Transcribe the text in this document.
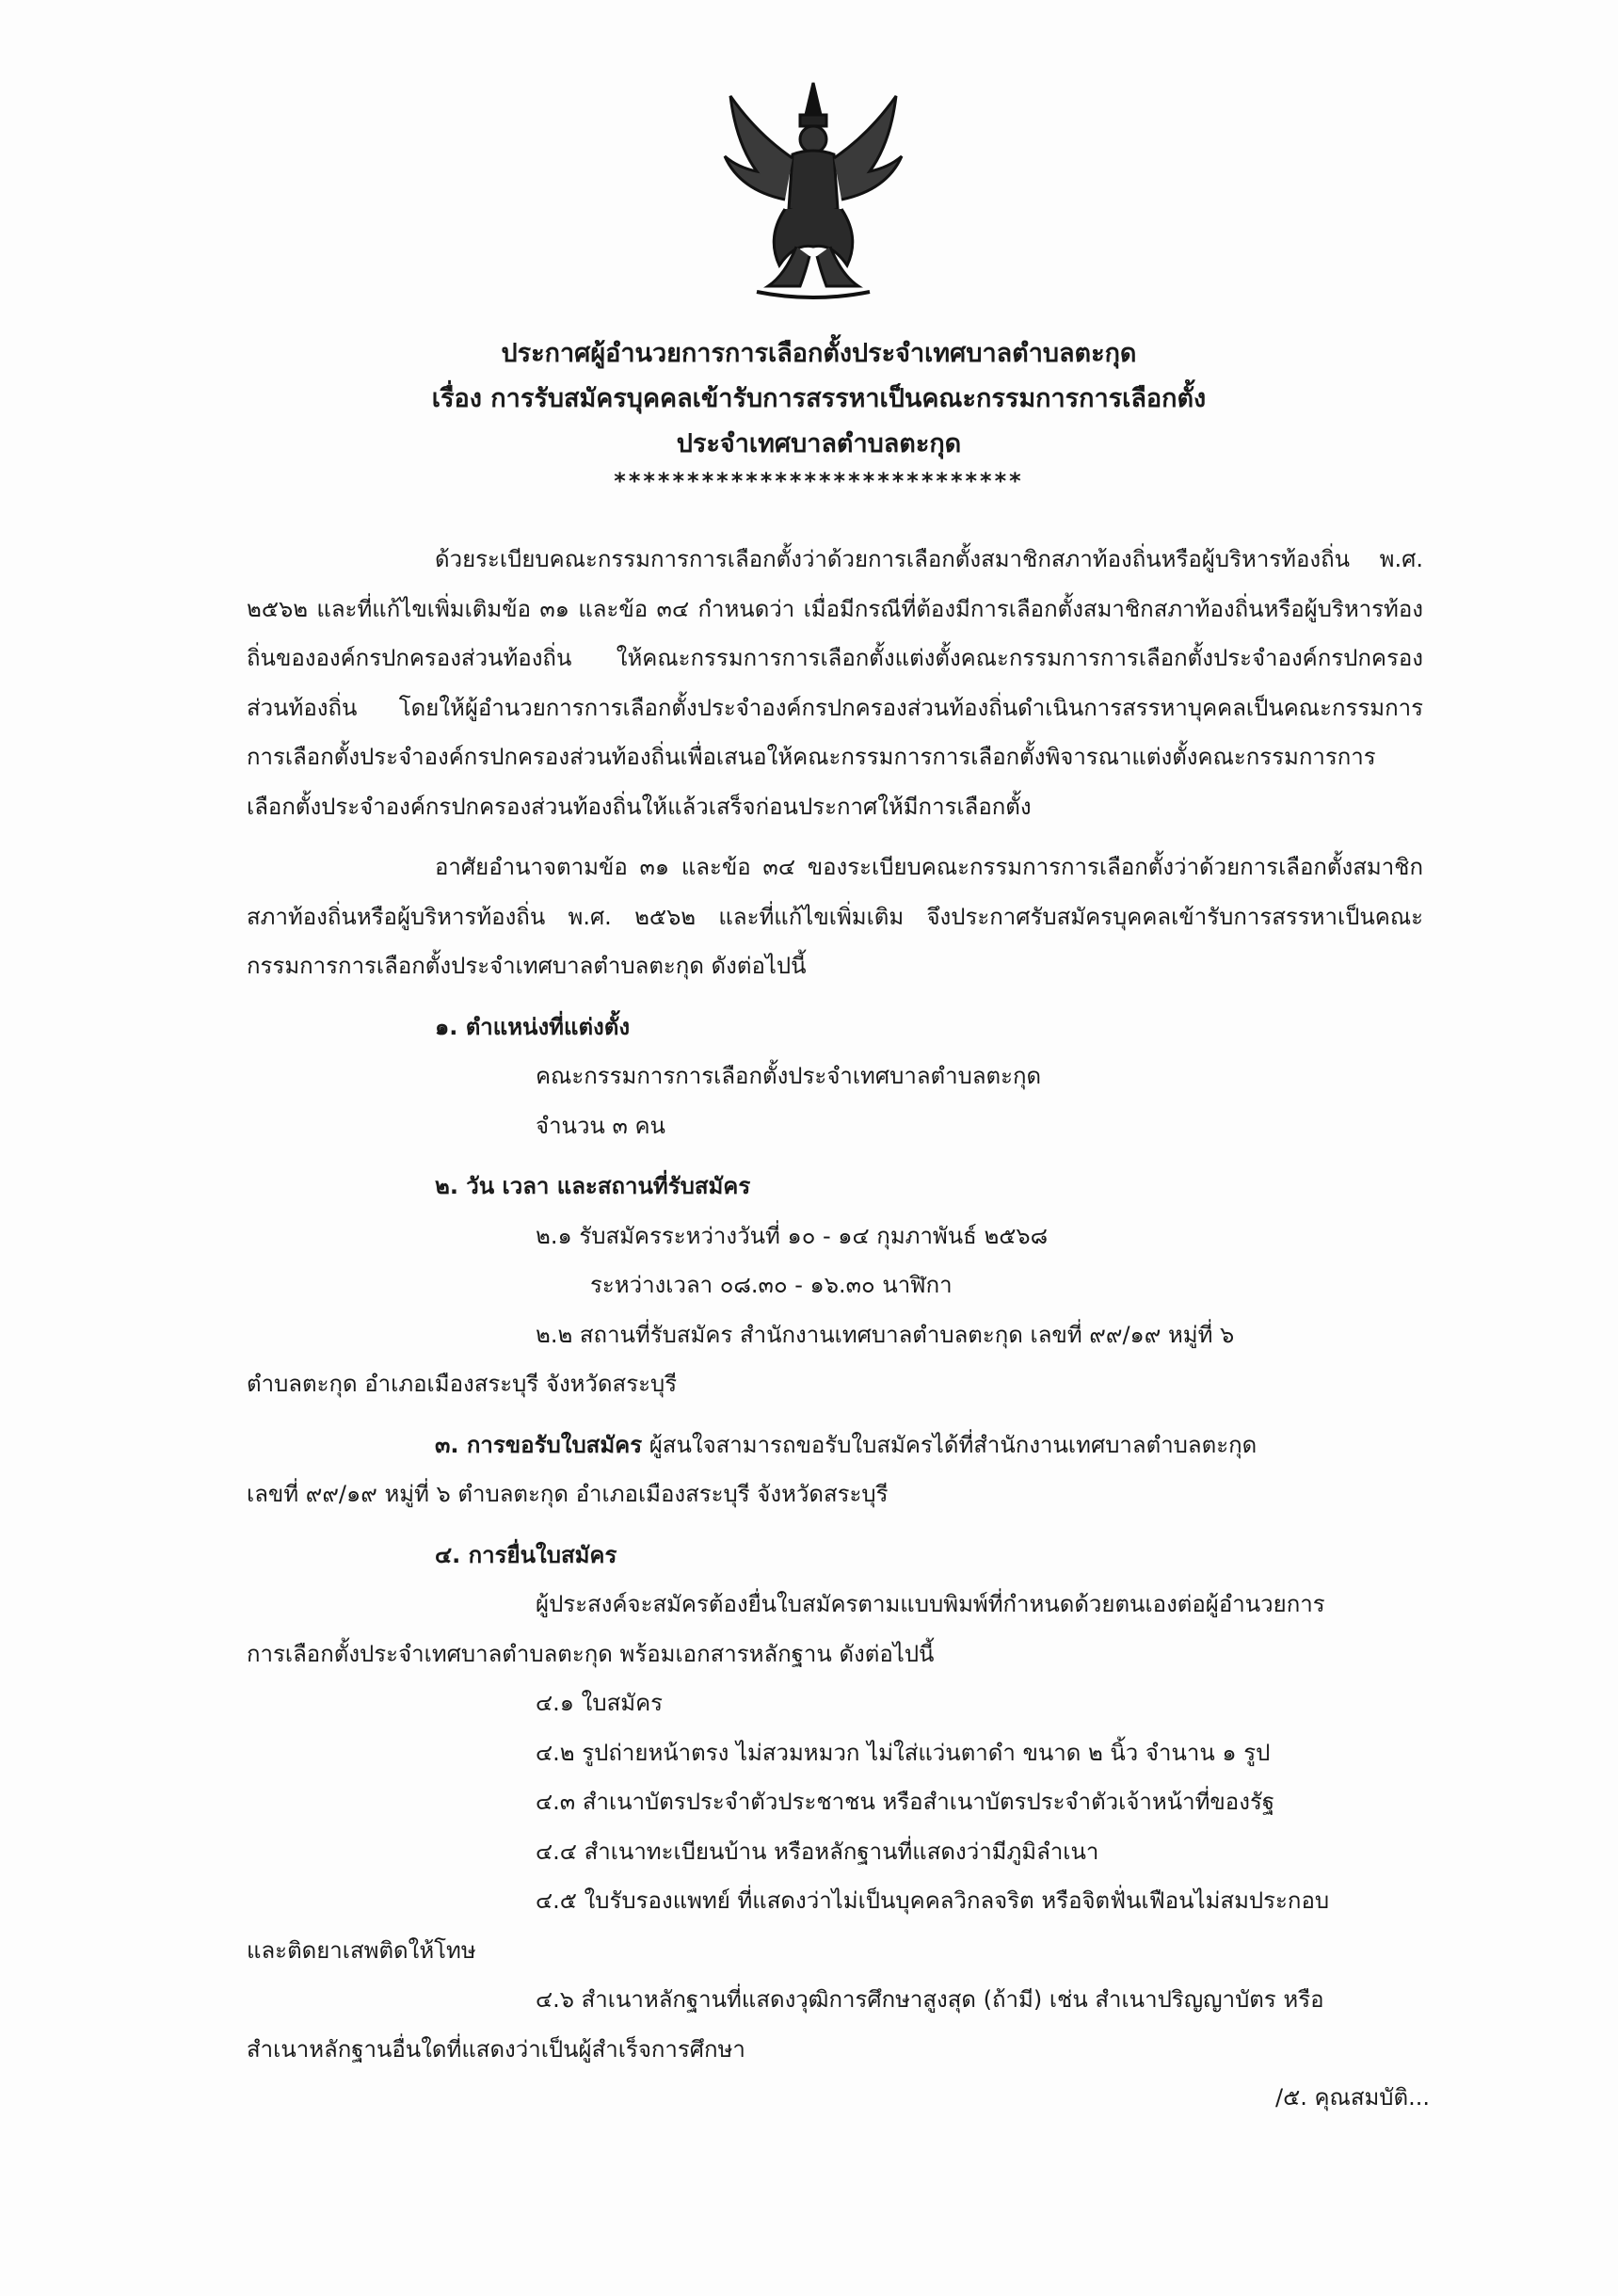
ประกาศผู้อำนวยการการเลือกตั้งประจำเทศบาลตำบลตะกุด
เรื่อง การรับสมัครบุคคลเข้ารับการสรรหาเป็นคณะกรรมการการเลือกตั้ง
ประจำเทศบาลตำบลตะกุด
****************************

ด้วยระเบียบคณะกรรมการการเลือกตั้งว่าด้วยการเลือกตั้งสมาชิกสภาท้องถิ่นหรือผู้บริหารท้องถิ่น พ.ศ. ๒๕๖๒ และที่แก้ไขเพิ่มเติมข้อ ๓๑ และข้อ ๓๔ กำหนดว่า เมื่อมีกรณีที่ต้องมีการเลือกตั้งสมาชิกสภาท้องถิ่นหรือผู้บริหารท้องถิ่นขององค์กรปกครองส่วนท้องถิ่น ให้คณะกรรมการการเลือกตั้งแต่งตั้งคณะกรรมการการเลือกตั้งประจำองค์กรปกครองส่วนท้องถิ่น โดยให้ผู้อำนวยการการเลือกตั้งประจำองค์กรปกครองส่วนท้องถิ่นดำเนินการสรรหาบุคคลเป็นคณะกรรมการการเลือกตั้งประจำองค์กรปกครองส่วนท้องถิ่นเพื่อเสนอให้คณะกรรมการการเลือกตั้งพิจารณาแต่งตั้งคณะกรรมการการเลือกตั้งประจำองค์กรปกครองส่วนท้องถิ่นให้แล้วเสร็จก่อนประกาศให้มีการเลือกตั้ง

อาศัยอำนาจตามข้อ ๓๑ และข้อ ๓๔ ของระเบียบคณะกรรมการการเลือกตั้งว่าด้วยการเลือกตั้งสมาชิกสภาท้องถิ่นหรือผู้บริหารท้องถิ่น พ.ศ. ๒๕๖๒ และที่แก้ไขเพิ่มเติม จึงประกาศรับสมัครบุคคลเข้ารับการสรรหาเป็นคณะกรรมการการเลือกตั้งประจำเทศบาลตำบลตะกุด ดังต่อไปนี้

๑. ตำแหน่งที่แต่งตั้ง
คณะกรรมการการเลือกตั้งประจำเทศบาลตำบลตะกุด
จำนวน ๓ คน
๒. วัน เวลา และสถานที่รับสมัคร
๒.๑ รับสมัครระหว่างวันที่ ๑๐ - ๑๔ กุมภาพันธ์ ๒๕๖๘
ระหว่างเวลา ๐๘.๓๐ - ๑๖.๓๐ นาฬิกา
๒.๒ สถานที่รับสมัคร สำนักงานเทศบาลตำบลตะกุด เลขที่ ๙๙/๑๙ หมู่ที่ ๖
ตำบลตะกุด อำเภอเมืองสระบุรี จังหวัดสระบุรี
๓. การขอรับใบสมัคร ผู้สนใจสามารถขอรับใบสมัครได้ที่สำนักงานเทศบาลตำบลตะกุด
เลขที่ ๙๙/๑๙ หมู่ที่ ๖ ตำบลตะกุด อำเภอเมืองสระบุรี จังหวัดสระบุรี
๔. การยื่นใบสมัคร
ผู้ประสงค์จะสมัครต้องยื่นใบสมัครตามแบบพิมพ์ที่กำหนดด้วยตนเองต่อผู้อำนวยการ
การเลือกตั้งประจำเทศบาลตำบลตะกุด พร้อมเอกสารหลักฐาน ดังต่อไปนี้
๔.๑ ใบสมัคร
๔.๒ รูปถ่ายหน้าตรง ไม่สวมหมวก ไม่ใส่แว่นตาดำ ขนาด ๒ นิ้ว จำนาน ๑ รูป
๔.๓ สำเนาบัตรประจำตัวประชาชน หรือสำเนาบัตรประจำตัวเจ้าหน้าที่ของรัฐ
๔.๔ สำเนาทะเบียนบ้าน หรือหลักฐานที่แสดงว่ามีภูมิลำเนา
๔.๕ ใบรับรองแพทย์ ที่แสดงว่าไม่เป็นบุคคลวิกลจริต หรือจิตฟั่นเฟือนไม่สมประกอบ
และติดยาเสพติดให้โทษ
๔.๖ สำเนาหลักฐานที่แสดงวุฒิการศึกษาสูงสุด (ถ้ามี) เช่น สำเนาปริญญาบัตร หรือ
สำเนาหลักฐานอื่นใดที่แสดงว่าเป็นผู้สำเร็จการศึกษา
/๕. คุณสมบัติ...
